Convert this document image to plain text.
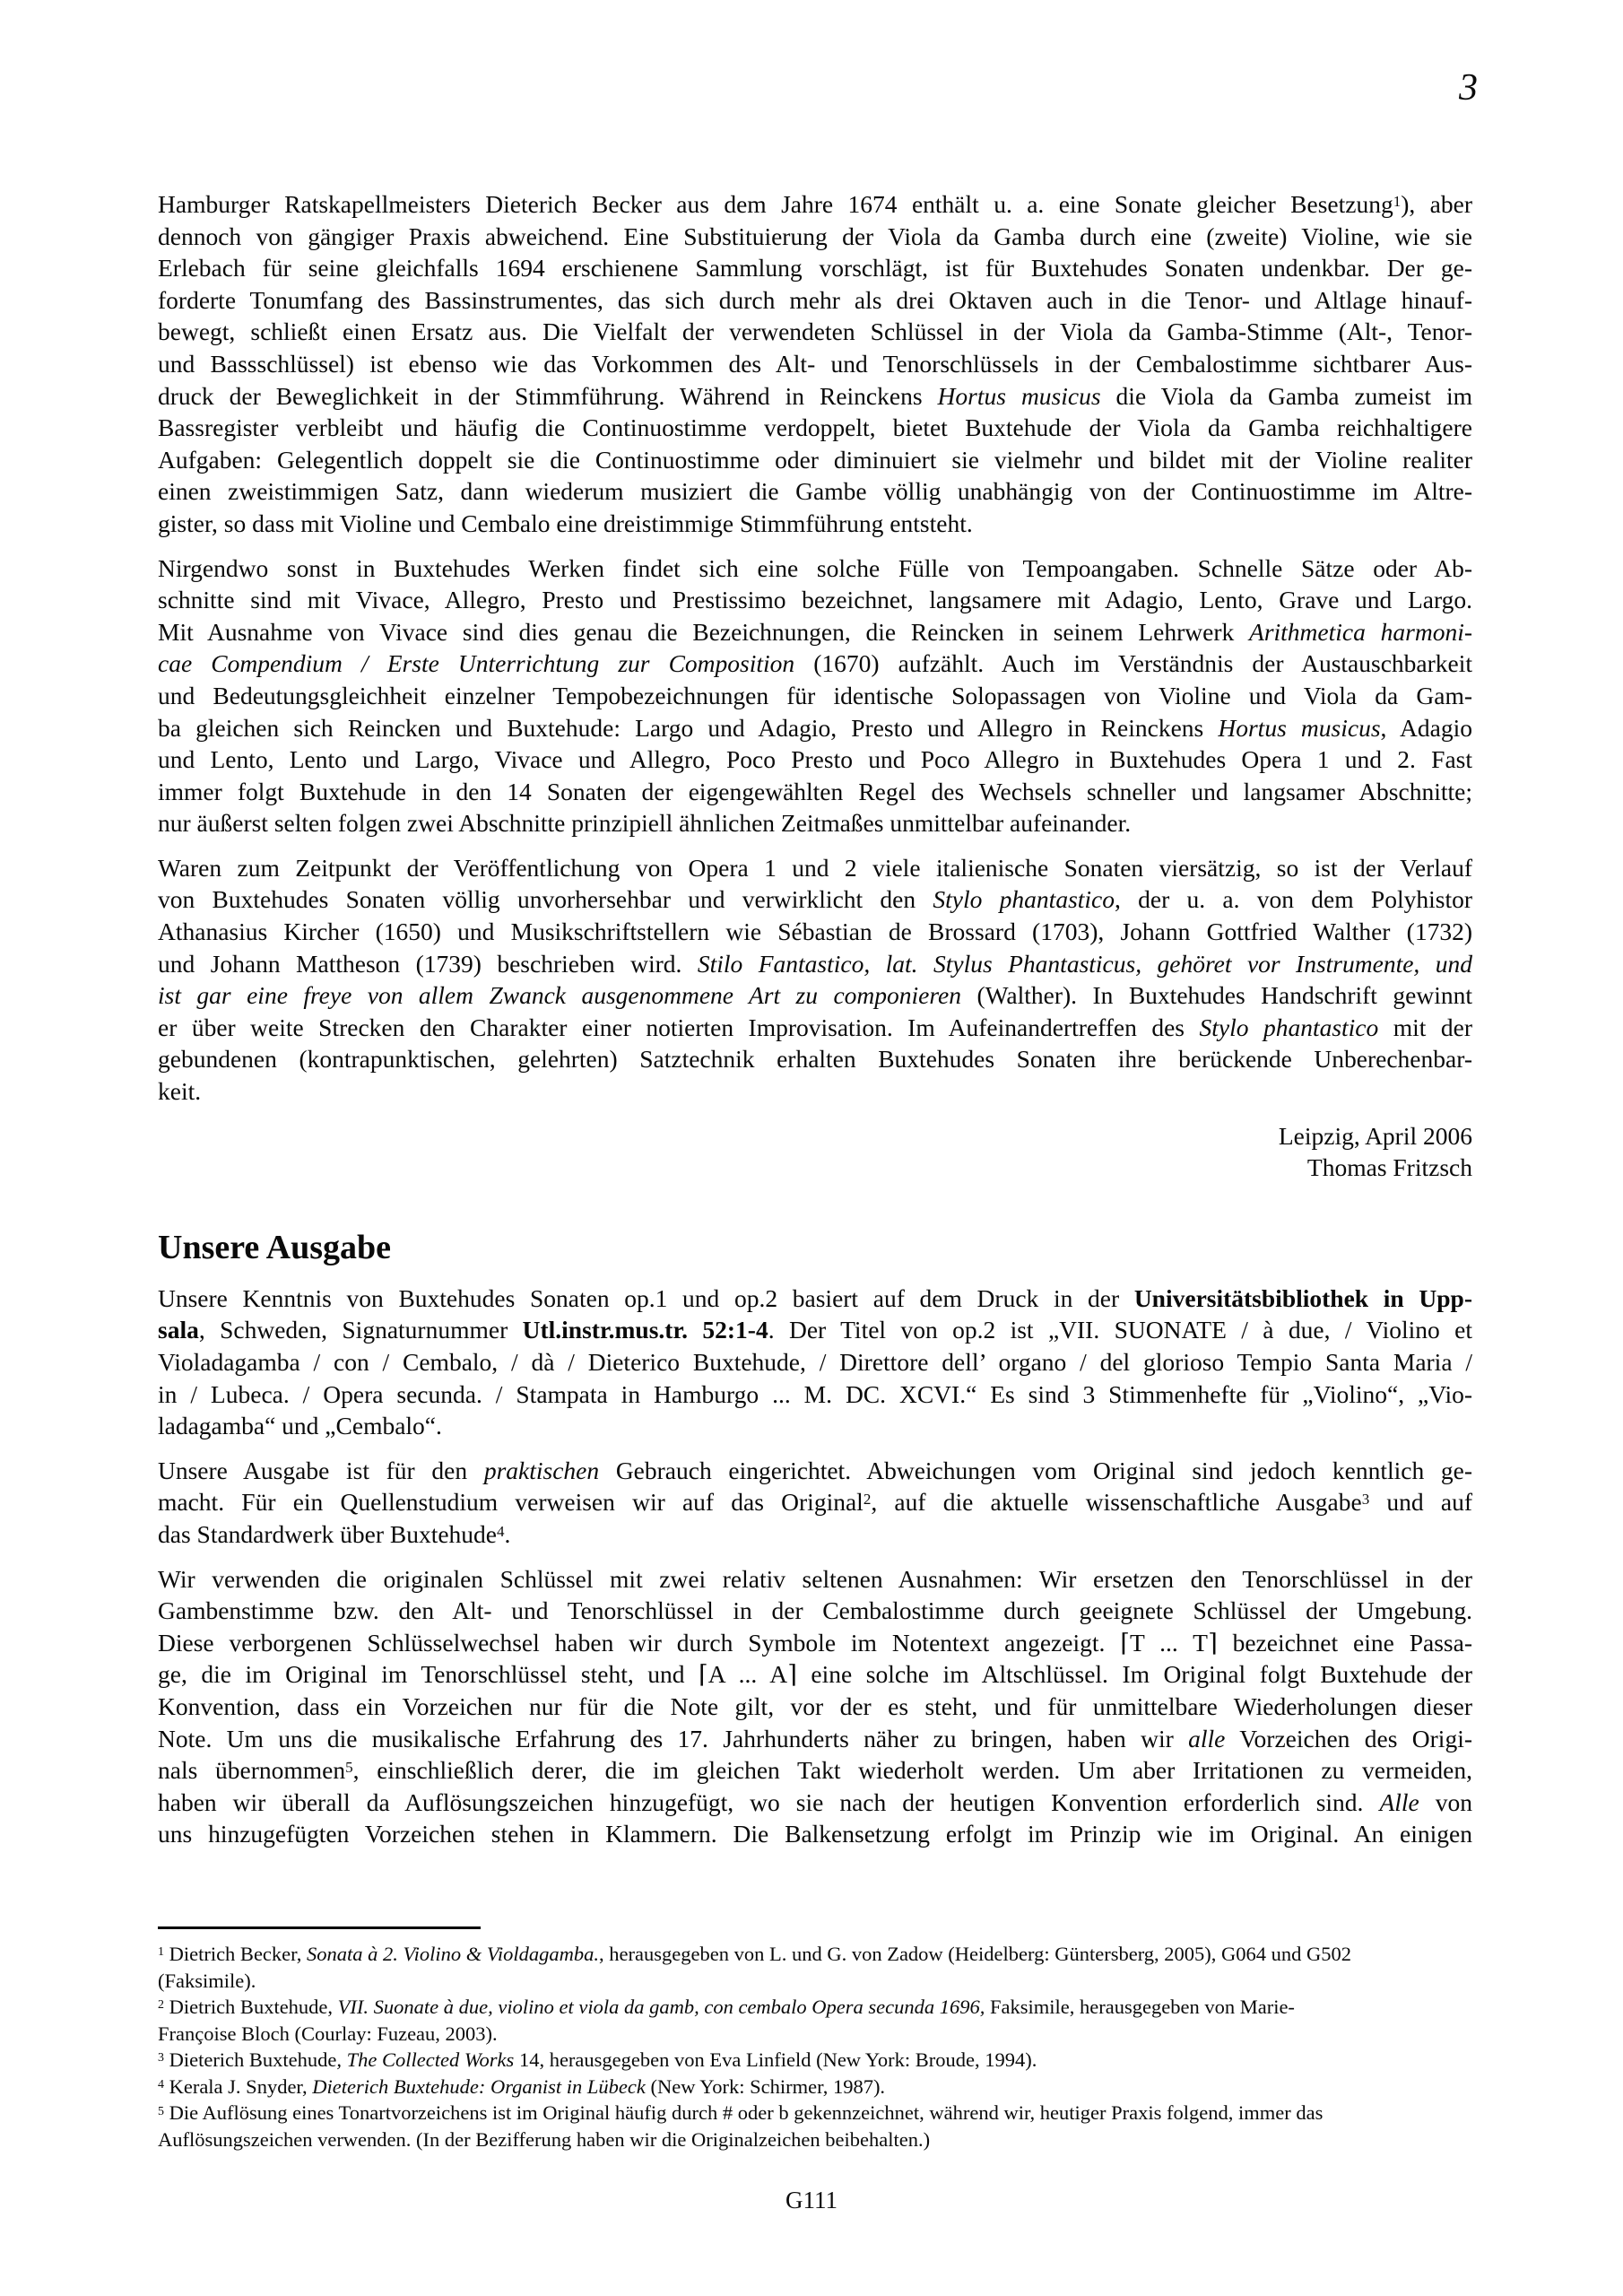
3
Hamburger Ratskapellmeisters Dieterich Becker aus dem Jahre 1674 enthält u. a. eine Sonate gleicher Besetzung$^1$), aber
dennoch von gängiger Praxis abweichend. Eine Substituierung der Viola da Gamba durch eine (zweite) Violine, wie sie
Erlebach für seine gleichfalls 1694 erschienene Sammlung vorschlägt, ist für Buxtehudes Sonaten undenkbar. Der ge-
forderte Tonumfang des Bassinstrumentes, das sich durch mehr als drei Oktaven auch in die Tenor- und Altlage hinauf-
bewegt, schließt einen Ersatz aus. Die Vielfalt der verwendeten Schlüssel in der Viola da Gamba-Stimme (Alt-, Tenor-
und Bassschlüssel) ist ebenso wie das Vorkommen des Alt- und Tenorschlüssels in der Cembalostimme sichtbarer Aus-
druck der Beweglichkeit in der Stimmführung. Während in Reinckens Hortus musicus die Viola da Gamba zumeist im
Bassregister verbleibt und häufig die Continuostimme verdoppelt, bietet Buxtehude der Viola da Gamba reichhaltigere
Aufgaben: Gelegentlich doppelt sie die Continuostimme oder diminuiert sie vielmehr und bildet mit der Violine realiter
einen zweistimmigen Satz, dann wiederum musiziert die Gambe völlig unabhängig von der Continuostimme im Altre-
gister, so dass mit Violine und Cembalo eine dreistimmige Stimmführung entsteht.
Nirgendwo sonst in Buxtehudes Werken findet sich eine solche Fülle von Tempoangaben. Schnelle Sätze oder Ab-
schnitte sind mit Vivace, Allegro, Presto und Prestissimo bezeichnet, langsamere mit Adagio, Lento, Grave und Largo.
Mit Ausnahme von Vivace sind dies genau die Bezeichnungen, die Reincken in seinem Lehrwerk Arithmetica harmoni-
cae Compendium / Erste Unterrichtung zur Composition (1670) aufzählt. Auch im Verständnis der Austauschbarkeit
und Bedeutungsgleichheit einzelner Tempobezeichnungen für identische Solopassagen von Violine und Viola da Gam-
ba gleichen sich Reincken und Buxtehude: Largo und Adagio, Presto und Allegro in Reinckens Hortus musicus, Adagio
und Lento, Lento und Largo, Vivace und Allegro, Poco Presto und Poco Allegro in Buxtehudes Opera 1 und 2. Fast
immer folgt Buxtehude in den 14 Sonaten der eigengewählten Regel des Wechsels schneller und langsamer Abschnitte;
nur äußerst selten folgen zwei Abschnitte prinzipiell ähnlichen Zeitmaßes unmittelbar aufeinander.
Waren zum Zeitpunkt der Veröffentlichung von Opera 1 und 2 viele italienische Sonaten viersätzig, so ist der Verlauf
von Buxtehudes Sonaten völlig unvorhersehbar und verwirklicht den Stylo phantastico, der u. a. von dem Polyhistor
Athanasius Kircher (1650) und Musikschriftstellern wie Sébastian de Brossard (1703), Johann Gottfried Walther (1732)
und Johann Mattheson (1739) beschrieben wird. Stilo Fantastico, lat. Stylus Phantasticus, gehöret vor Instrumente, und
ist gar eine freye von allem Zwanck ausgenommene Art zu componieren (Walther). In Buxtehudes Handschrift gewinnt
er über weite Strecken den Charakter einer notierten Improvisation. Im Aufeinandertreffen des Stylo phantastico mit der
gebundenen (kontrapunktischen, gelehrten) Satztechnik erhalten Buxtehudes Sonaten ihre berückende Unberechenbar-
keit.
Leipzig, April 2006
Thomas Fritzsch
Unsere Ausgabe
Unsere Kenntnis von Buxtehudes Sonaten op.1 und op.2 basiert auf dem Druck in der Universitätsbibliothek in Upp-
sala, Schweden, Signaturnummer Utl.instr.mus.tr. 52:1-4. Der Titel von op.2 ist „VII. SUONATE / à due, / Violino et
Violadagamba / con / Cembalo, / dà / Dieterico Buxtehude, / Direttore dell’ organo / del glorioso Tempio Santa Maria /
in / Lubeca. / Opera secunda. / Stampata in Hamburgo ... M. DC. XCVI.“ Es sind 3 Stimmenhefte für „Violino“, „Vio-
ladagamba“ und „Cembalo“.
Unsere Ausgabe ist für den praktischen Gebrauch eingerichtet. Abweichungen vom Original sind jedoch kenntlich ge-
macht. Für ein Quellenstudium verweisen wir auf das Original$^2$, auf die aktuelle wissenschaftliche Ausgabe$^3$ und auf
das Standardwerk über Buxtehude$^4$.
Wir verwenden die originalen Schlüssel mit zwei relativ seltenen Ausnahmen: Wir ersetzen den Tenorschlüssel in der
Gambenstimme bzw. den Alt- und Tenorschlüssel in der Cembalostimme durch geeignete Schlüssel der Umgebung.
Diese verborgenen Schlüsselwechsel haben wir durch Symbole im Notentext angezeigt. ⌈T ... T⌉ bezeichnet eine Passa-
ge, die im Original im Tenorschlüssel steht, und ⌈A ... A⌉ eine solche im Altschlüssel. Im Original folgt Buxtehude der
Konvention, dass ein Vorzeichen nur für die Note gilt, vor der es steht, und für unmittelbare Wiederholungen dieser
Note. Um uns die musikalische Erfahrung des 17. Jahrhunderts näher zu bringen, haben wir alle Vorzeichen des Origi-
nals übernommen$^5$, einschließlich derer, die im gleichen Takt wiederholt werden. Um aber Irritationen zu vermeiden,
haben wir überall da Auflösungszeichen hinzugefügt, wo sie nach der heutigen Konvention erforderlich sind. Alle von
uns hinzugefügten Vorzeichen stehen in Klammern. Die Balkensetzung erfolgt im Prinzip wie im Original. An einigen
$^1$ Dietrich Becker, Sonata à 2. Violino & Violdagamba., herausgegeben von L. und G. von Zadow (Heidelberg: Güntersberg, 2005), G064 und G502
(Faksimile).
$^2$ Dietrich Buxtehude, VII. Suonate à due, violino et viola da gamb, con cembalo Opera secunda 1696, Faksimile, herausgegeben von Marie-
Françoise Bloch (Courlay: Fuzeau, 2003).
$^3$ Dieterich Buxtehude, The Collected Works 14, herausgegeben von Eva Linfield (New York: Broude, 1994).
$^4$ Kerala J. Snyder, Dieterich Buxtehude: Organist in Lübeck (New York: Schirmer, 1987).
$^5$ Die Auflösung eines Tonartvorzeichens ist im Original häufig durch # oder b gekennzeichnet, während wir, heutiger Praxis folgend, immer das
Auflösungszeichen verwenden. (In der Bezifferung haben wir die Originalzeichen beibehalten.)
G111
